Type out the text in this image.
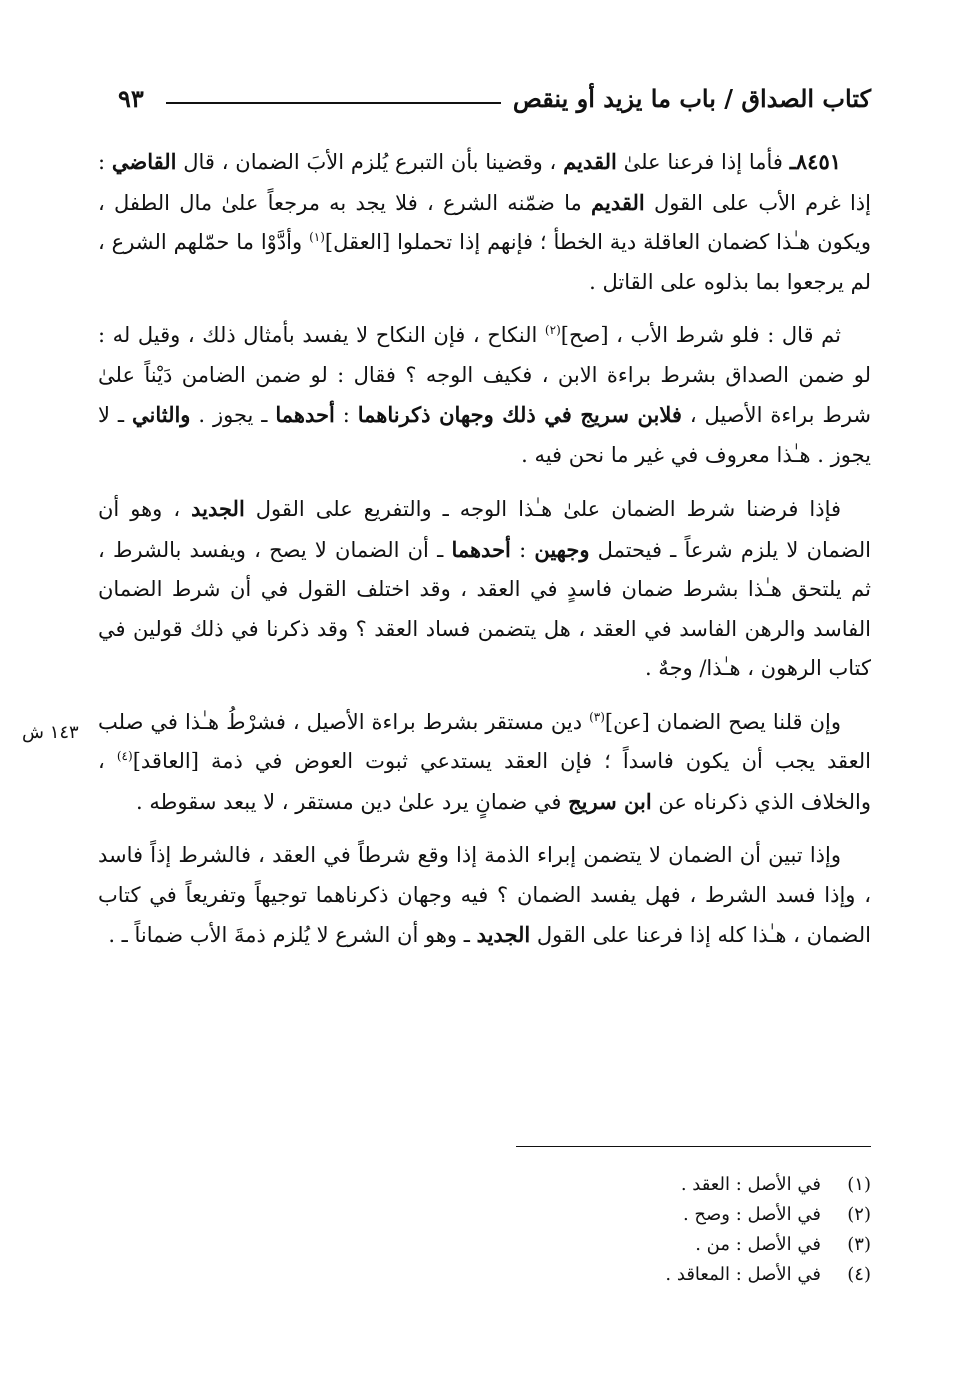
كتاب الصداق / باب ما يزيد أو ينقص
٩٣
١٤٣ ش

٨٤٥١ـ فأما إذا فرعنا علىٰ القديم ، وقضينا بأن التبرع يُلزم الأبَ الضمان ، قال القاضي : إذا غرم الأب على القول القديم ما ضمّنه الشرع ، فلا يجد به مرجعاً علىٰ مال الطفل ، ويكون هـٰذا كضمان العاقلة دية الخطأ ؛ فإنهم إذا تحملوا [العقل]$^{(١)}$ وأدَّوْا ما حمّلهم الشرع ، لم يرجعوا بما بذلوه على القاتل .

ثم قال : فلو شرط الأب ، [صح]$^{(٢)}$ النكاح ، فإن النكاح لا يفسد بأمثال ذلك ، وقيل له : لو ضمن الصداق بشرط براءة الابن ، فكيف الوجه ؟ فقال : لو ضمن الضامن دَيْناً علىٰ شرط براءة الأصيل ، فلابن سريج في ذلك وجهان ذكرناهما : أحدهما ـ يجوز . والثاني ـ لا يجوز . هـٰذا معروف في غير ما نحن فيه .

فإذا فرضنا شرط الضمان علىٰ هـٰذا الوجه ـ والتفريع على القول الجديد ، وهو أن الضمان لا يلزم شرعاً ـ فيحتمل وجهين : أحدهما ـ أن الضمان لا يصح ، ويفسد بالشرط ، ثم يلتحق هـٰذا بشرط ضمان فاسدٍ في العقد ، وقد اختلف القول في أن شرط الضمان الفاسد والرهن الفاسد في العقد ، هل يتضمن فساد العقد ؟ وقد ذكرنا في ذلك قولين في كتاب الرهون ، هـٰذا/ وجهٌ .

وإن قلنا يصح الضمان [عن]$^{(٣)}$ دين مستقر بشرط براءة الأصيل ، فشرْطُ هـٰذا في صلب العقد يجب أن يكون فاسداً ؛ فإن العقد يستدعي ثبوت العوض في ذمة [العاقد]$^{(٤)}$ ، والخلاف الذي ذكرناه عن ابن سريج في ضمانٍ يرد علىٰ دين مستقر ، لا يبعد سقوطه .

وإذا تبين أن الضمان لا يتضمن إبراء الذمة إذا وقع شرطاً في العقد ، فالشرط إذاً فاسد ، وإذا فسد الشرط ، فهل يفسد الضمان ؟ فيه وجهان ذكرناهما توجيهاً وتفريعاً في كتاب الضمان ، هـٰذا كله إذا فرعنا على القول الجديد ـ وهو أن الشرع لا يُلزم ذمةَ الأب ضماناً ـ .

(١)
في الأصل : العقد .
(٢)
في الأصل : وصح .
(٣)
في الأصل : من .
(٤)
في الأصل : المعاقد .
